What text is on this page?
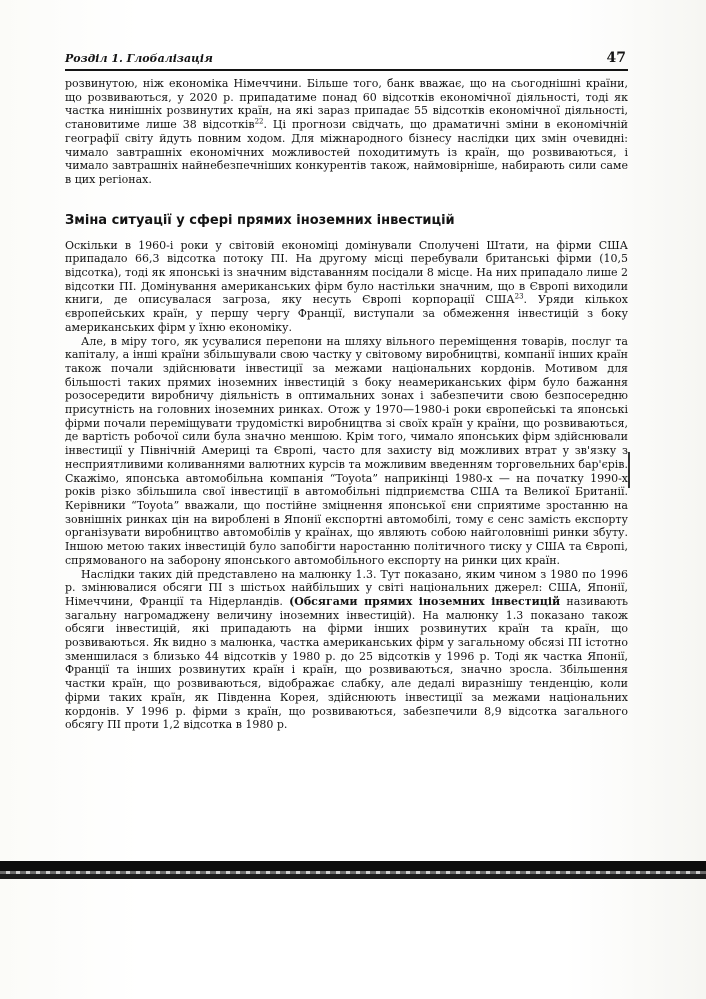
Розділ 1. Глобалізація	47

розвинутою, ніж економіка Німеччини. Більше того, банк вважає, що на сьогоднішні країни, що розвиваються, у 2020 р. припадатиме понад 60 відсотків економічної діяльності, тоді як частка нинішніх розвинутих країн, на які зараз припадає 55 відсотків економічної діяльності, становитиме лише 38 відсотків$^{22}$. Ці прогнози свідчать, що драматичні зміни в економічній географії світу йдуть повним ходом. Для міжнародного бізнесу наслідки цих змін очевидні: чимало завтрашніх економічних можливостей походитимуть із країн, що розвиваються, і чимало завтрашніх найнебезпечніших конкурентів також, наймовірніше, набирають сили саме в цих регіонах.

Зміна ситуації у сфері прямих іноземних інвестицій

Оскільки в 1960-і роки у світовій економіці домінували Сполучені Штати, на фірми США припадало 66,3 відсотка потоку ПІ. На другому місці перебували британські фірми (10,5 відсотка), тоді як японські із значним відставанням посідали 8 місце. На них припадало лише 2 відсотки ПІ. Домінування американських фірм було настільки значним, що в Європі виходили книги, де описувалася загроза, яку несуть Європі корпорації США$^{23}$. Уряди кількох європейських країн, у першу чергу Франції, виступали за обмеження інвестицій з боку американських фірм у їхню економіку.

Але, в міру того, як усувалися перепони на шляху вільного переміщення товарів, послуг та капіталу, а інші країни збільшували свою частку у світовому виробництві, компанії інших країн також почали здійснювати інвестиції за межами національних кордонів. Мотивом для більшості таких прямих іноземних інвестицій з боку неамериканських фірм було бажання розосередити виробничу діяльність в оптимальних зонах і забезпечити свою безпосередню присутність на головних іноземних ринках. Отож у 1970—1980-і роки європейські та японські фірми почали переміщувати трудомісткі виробництва зі своїх країн у країни, що розвиваються, де вартість робочої сили була значно меншою. Крім того, чимало японських фірм здійснювали інвестиції у Північній Америці та Європі, часто для захисту від можливих втрат у зв'язку з несприятливими коливаннями валютних курсів та можливим введенням торговельних бар'єрів. Скажімо, японська автомобільна компанія “Toyota” наприкінці 1980-х — на початку 1990-х років різко збільшила свої інвестиції в автомобільні підприємства США та Великої Британії. Керівники “Toyota” вважали, що постійне зміцнення японської єни сприятиме зростанню на зовнішніх ринках цін на вироблені в Японії експортні автомобілі, тому є сенс замість експорту організувати виробництво автомобілів у країнах, що являють собою найголовніші ринки збуту. Іншою метою таких інвестицій було запобігти наростанню політичного тиску у США та Європі, спрямованого на заборону японського автомобільного експорту на ринки цих країн.

Наслідки таких дій представлено на малюнку 1.3. Тут показано, яким чином з 1980 по 1996 р. змінювалися обсяги ПІ з шістьох найбільших у світі національних джерел: США, Японії, Німеччини, Франції та Нідерландів. (Обсягами прямих іноземних інвестицій називають загальну нагромаджену величину іноземних інвестицій). На малюнку 1.3 показано також обсяги інвестицій, які припадають на фірми інших розвинутих країн та країн, що розвиваються. Як видно з малюнка, частка американських фірм у загальному обсязі ПІ істотно зменшилася з близько 44 відсотків у 1980 р. до 25 відсотків у 1996 р. Тоді як частка Японії, Франції та інших розвинутих країн і країн, що розвиваються, значно зросла. Збільшення частки країн, що розвиваються, відображає слабку, але дедалі виразнішу тенденцію, коли фірми таких країн, як Південна Корея, здійснюють інвестиції за межами національних кордонів. У 1996 р. фірми з країн, що розвиваються, забезпечили 8,9 відсотка загального обсягу ПІ проти 1,2 відсотка в 1980 р.
